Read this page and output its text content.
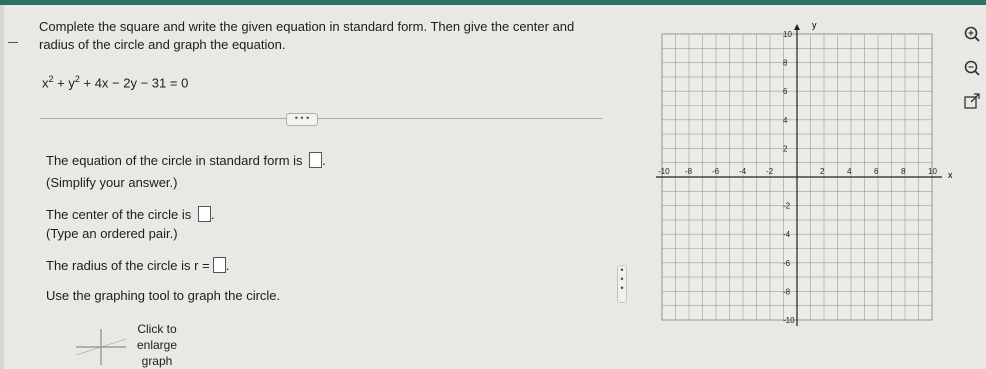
Complete the square and write the given equation in standard form. Then give the center and radius of the circle and graph the equation.
$x^2 + y^2 + 4x - 2y - 31 = 0$
• • •
The equation of the circle in standard form is .
(Simplify your answer.)
The center of the circle is .
(Type an ordered pair.)
The radius of the circle is r = .
Use the graphing tool to graph the circle.
•
•
•
Click to
enlarge
graph
-10 -8 -6 -4 -2	2	4	6	8	10
10
8
6
4
2
-2
-4
-6
-8
-10
x
y
